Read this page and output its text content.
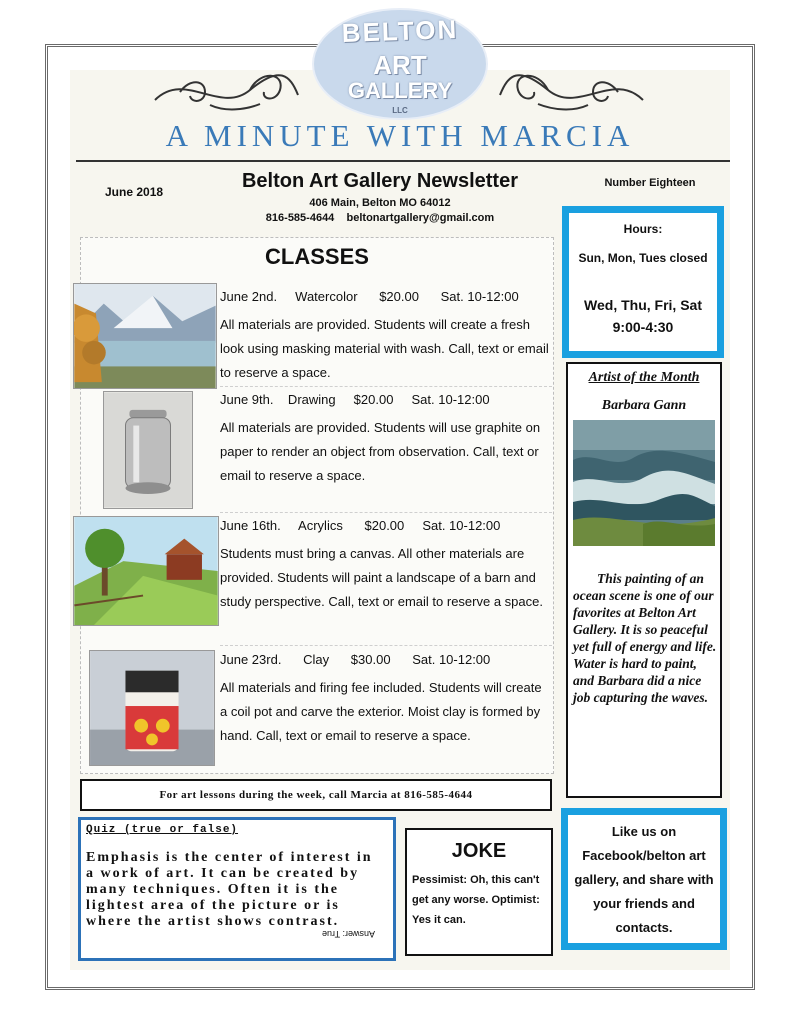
BELTON
ART
GALLERY
LLC
A MINUTE WITH MARCIA
June 2018	Belton Art Gallery Newsletter
406 Main, Belton MO 64012
816-585-4644    beltonartgallery@gmail.com
Number Eighteen
CLASSES
June 2nd.     Watercolor      $20.00      Sat. 10-12:00
All materials are provided. Students will create a fresh look using masking material with wash. Call, text or email to reserve a space.
June 9th.    Drawing     $20.00     Sat. 10-12:00
All materials are provided. Students will use graphite on paper to render an object from observation. Call, text or email to reserve a space.
June 16th.     Acrylics      $20.00     Sat. 10-12:00
Students must bring a canvas. All other materials are provided. Students will paint a landscape of a barn and study perspective. Call, text or email to reserve a space.
June 23rd.      Clay      $30.00      Sat. 10-12:00
All materials and firing fee included. Students will create a coil pot and carve the exterior. Moist clay is formed by hand. Call, text or email to reserve a space.
For art lessons during the week, call Marcia at 816-585-4644
Quiz (true or false)
Emphasis is the center of interest in a work of art. It can be created by many techniques. Often it is the lightest area of the picture or is where the artist shows contrast.
Answer: True
JOKE
Pessimist: Oh, this can't get any worse. Optimist: Yes it can.
Hours:
Sun, Mon, Tues closed
Wed, Thu, Fri, Sat 9:00-4:30
Artist of the Month
Barbara Gann
This painting of an ocean scene is one of our favorites at Belton Art Gallery. It is so peaceful yet full of energy and life. Water is hard to paint, and Barbara did a nice job capturing the waves.
Like us on Facebook/belton art gallery, and share with your friends and contacts.
